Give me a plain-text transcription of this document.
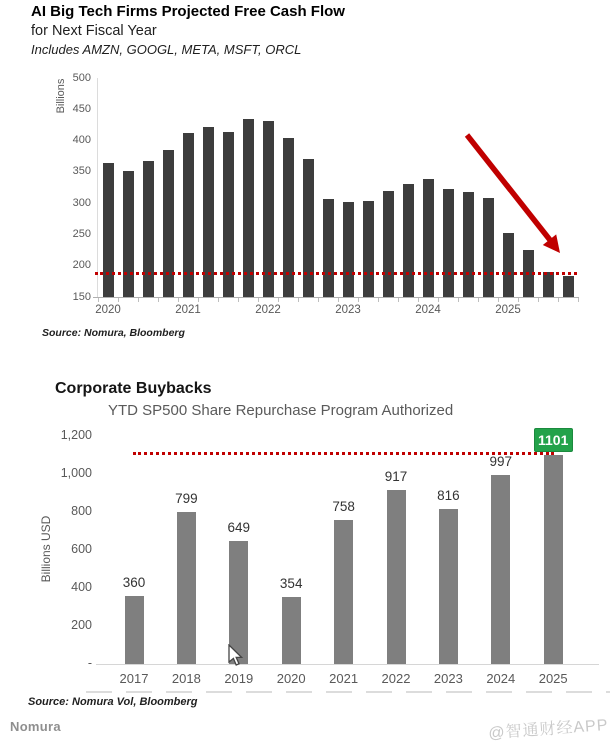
AI Big Tech Firms Projected Free Cash Flow
for Next Fiscal Year
Includes AMZN, GOOGL, META, MSFT, ORCL
Billions
500
450
400
350
300
250
200
150
2020	2021	2022	2023	2024	2025
Source: Nomura, Bloomberg
Corporate Buybacks
YTD SP500 Share Repurchase Program Authorized
Billions USD	360
799
649
354
758
917
816
997
1101
1,200
1,000
800
600
400
200
-
2017	2018	2019	2020	2021	2022	2023	2024	2025
Source: Nomura Vol, Bloomberg
Nomura	@智通财经APP
